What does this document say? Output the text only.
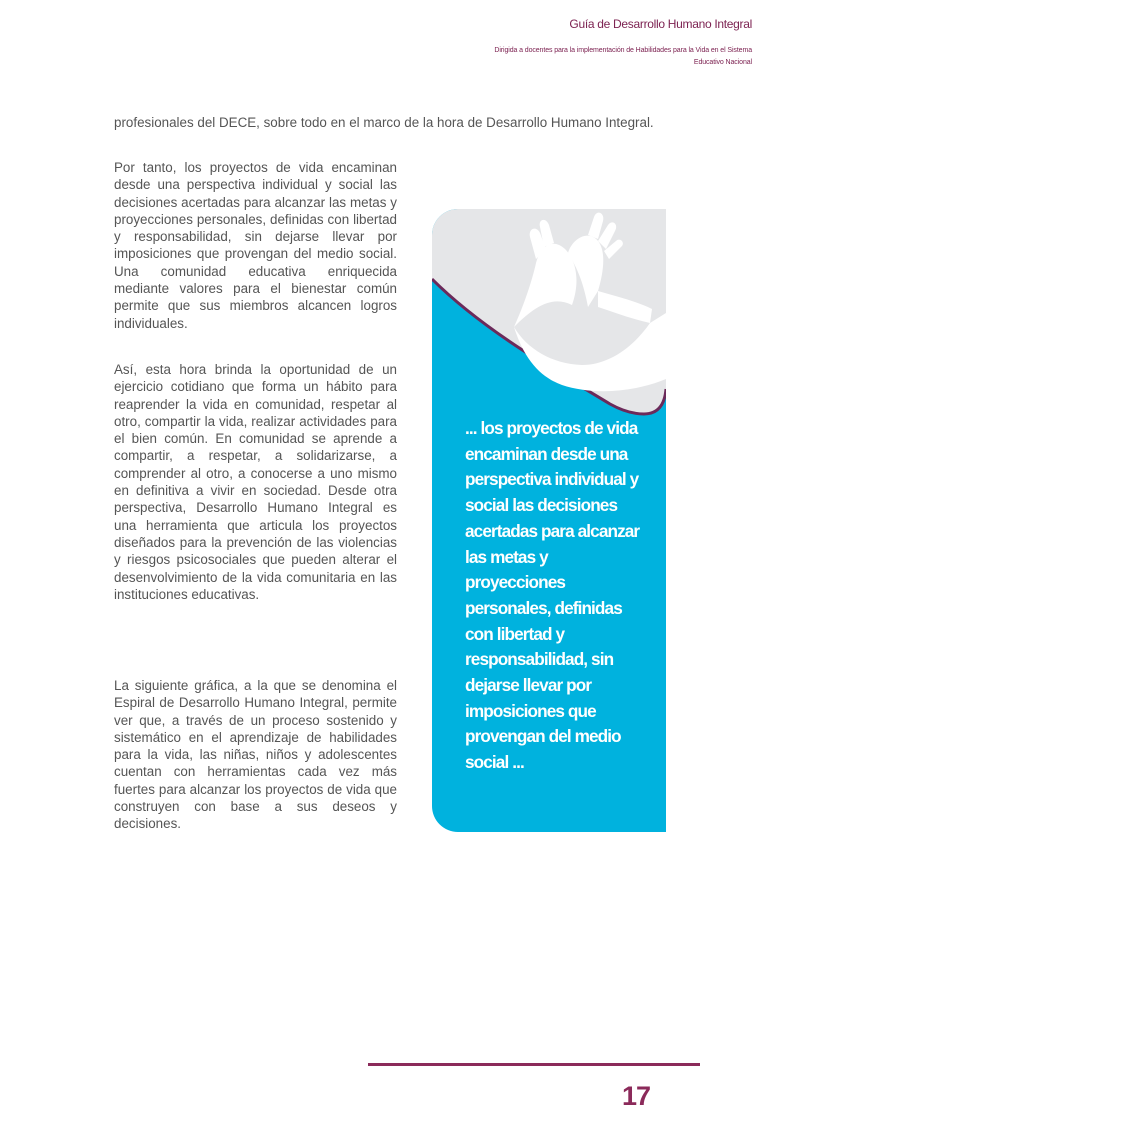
Guía de Desarrollo Humano Integral
Dirigida a docentes para la implementación de Habilidades para la Vida en el Sistema Educativo Nacional

profesionales del DECE, sobre todo en el marco de la hora de Desarrollo Humano Integral.

Por tanto, los proyectos de vida encaminan desde una perspectiva individual y social las decisiones acertadas para alcanzar las metas y proyecciones personales, definidas con libertad y responsabilidad, sin dejarse llevar por imposiciones que provengan del medio social. Una comunidad educativa enriquecida mediante valores para el bienestar común permite que sus miembros alcancen logros individuales.

Así, esta hora brinda la oportunidad de un ejercicio cotidiano que forma un hábito para reaprender la vida en comunidad, respetar al otro, compartir la vida, realizar actividades para el bien común. En comunidad se aprende a compartir, a respetar, a solidarizarse, a comprender al otro, a conocerse a uno mismo en definitiva a vivir en sociedad. Desde otra perspectiva, Desarrollo Humano Integral es una herramienta que articula los proyectos diseñados para la prevención de las violencias y riesgos psicosociales que pueden alterar el desenvolvimiento de la vida comunitaria en las instituciones educativas.

La siguiente gráfica, a la que se denomina el Espiral de Desarrollo Humano Integral, permite ver que, a través de un proceso sostenido y sistemático en el aprendizaje de habilidades para la vida, las niñas, niños y adolescentes cuentan con herramientas cada vez más fuertes para alcanzar los proyectos de vida que construyen con base a sus deseos y decisiones.

... los proyectos de vida encaminan desde una perspectiva individual y social las decisiones acertadas para alcanzar las metas y proyecciones personales, definidas con libertad y responsabilidad, sin dejarse llevar por imposiciones que provengan del medio social ...

17
